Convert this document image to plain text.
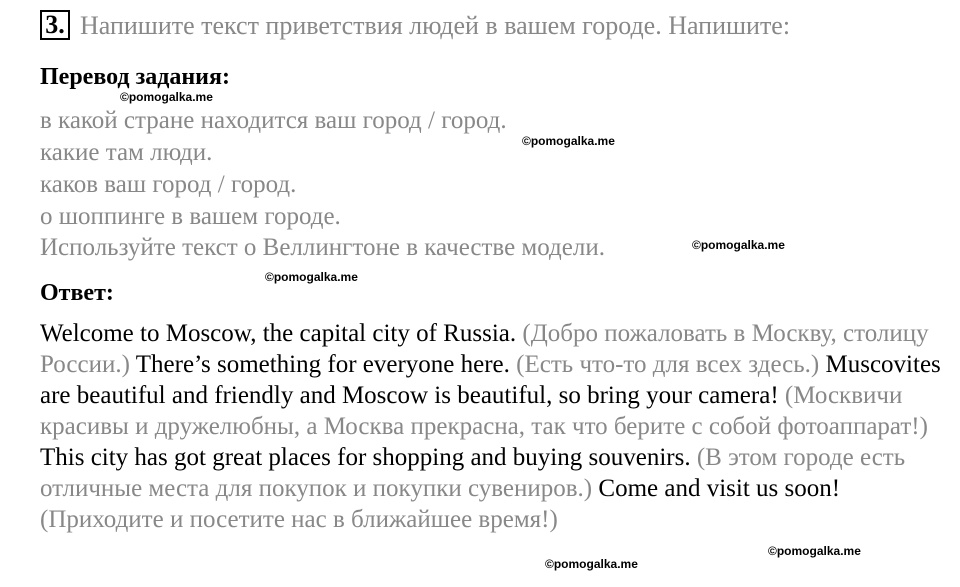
3. Напишите текст приветствия людей в вашем городе. Напишите:
Перевод задания:
в какой стране находится ваш город / город.
какие там люди.
каков ваш город / город.
о шоппинге в вашем городе.
Используйте текст о Веллингтоне в качестве модели.
Ответ:
Welcome to Moscow, the capital city of Russia. (Добро пожаловать в Москву, столицу России.) There’s something for everyone here. (Есть что-то для всех здесь.) Muscovites are beautiful and friendly and Moscow is beautiful, so bring your camera! (Москвичи красивы и дружелюбны, а Москва прекрасна, так что берите с собой фотоаппарат!) This city has got great places for shopping and buying souvenirs. (В этом городе есть отличные места для покупок и покупки сувениров.) Come and visit us soon! (Приходите и посетите нас в ближайшее время!)
©pomogalka.me
©pomogalka.me
©pomogalka.me
©pomogalka.me
©pomogalka.me
©pomogalka.me
